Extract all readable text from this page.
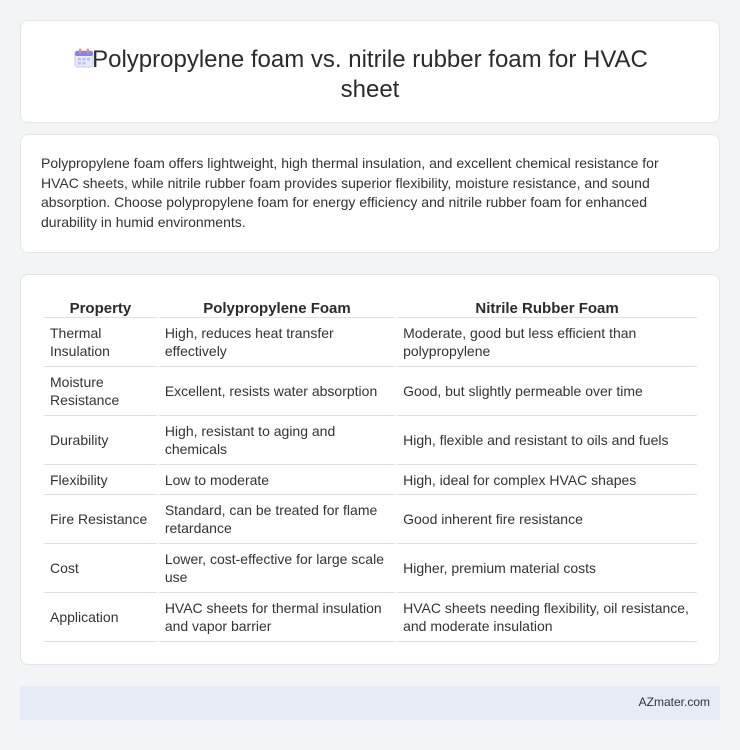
Polypropylene foam vs. nitrile rubber foam for HVAC sheet

Polypropylene foam offers lightweight, high thermal insulation, and excellent chemical resistance for HVAC sheets, while nitrile rubber foam provides superior flexibility, moisture resistance, and sound absorption. Choose polypropylene foam for energy efficiency and nitrile rubber foam for enhanced durability in humid environments.

Property	Polypropylene Foam	Nitrile Rubber Foam
Thermal Insulation	High, reduces heat transfer effectively	Moderate, good but less efficient than polypropylene
Moisture Resistance	Excellent, resists water absorption	Good, but slightly permeable over time
Durability	High, resistant to aging and chemicals	High, flexible and resistant to oils and fuels
Flexibility	Low to moderate	High, ideal for complex HVAC shapes
Fire Resistance	Standard, can be treated for flame retardance	Good inherent fire resistance
Cost	Lower, cost-effective for large scale use	Higher, premium material costs
Application	HVAC sheets for thermal insulation and vapor barrier	HVAC sheets needing flexibility, oil resistance, and moderate insulation
AZmater.com
